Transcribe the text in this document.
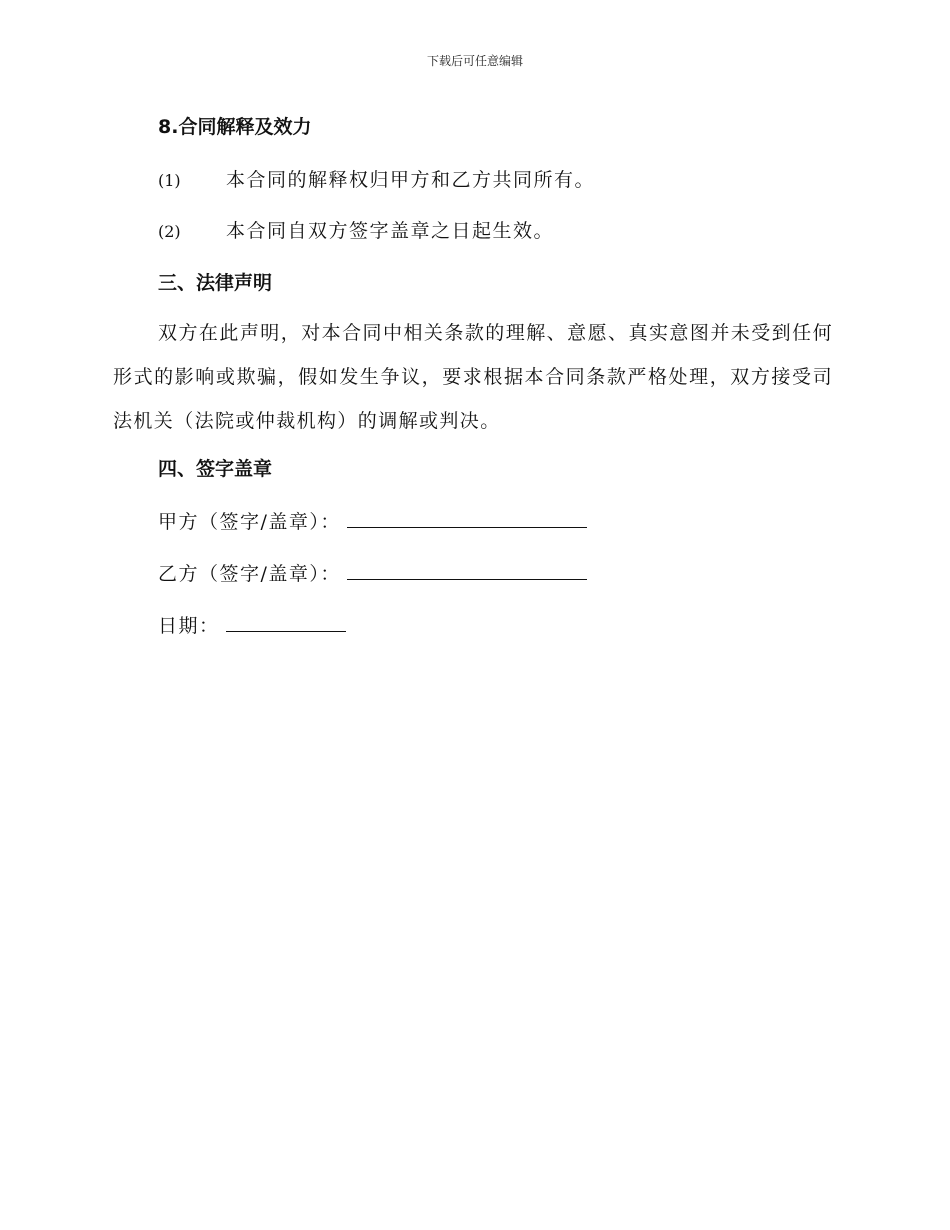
下载后可任意编辑
8.合同解释及效力
(1) 本合同的解释权归甲方和乙方共同所有。
(2) 本合同自双方签字盖章之日起生效。
三、法律声明
双方在此声明，对本合同中相关条款的理解、意愿、真实意图并未受到任何形式的影响或欺骗，假如发生争议，要求根据本合同条款严格处理，双方接受司法机关（法院或仲裁机构）的调解或判决。
四、签字盖章
甲方（签字/盖章）：
乙方（签字/盖章）：
日期：
